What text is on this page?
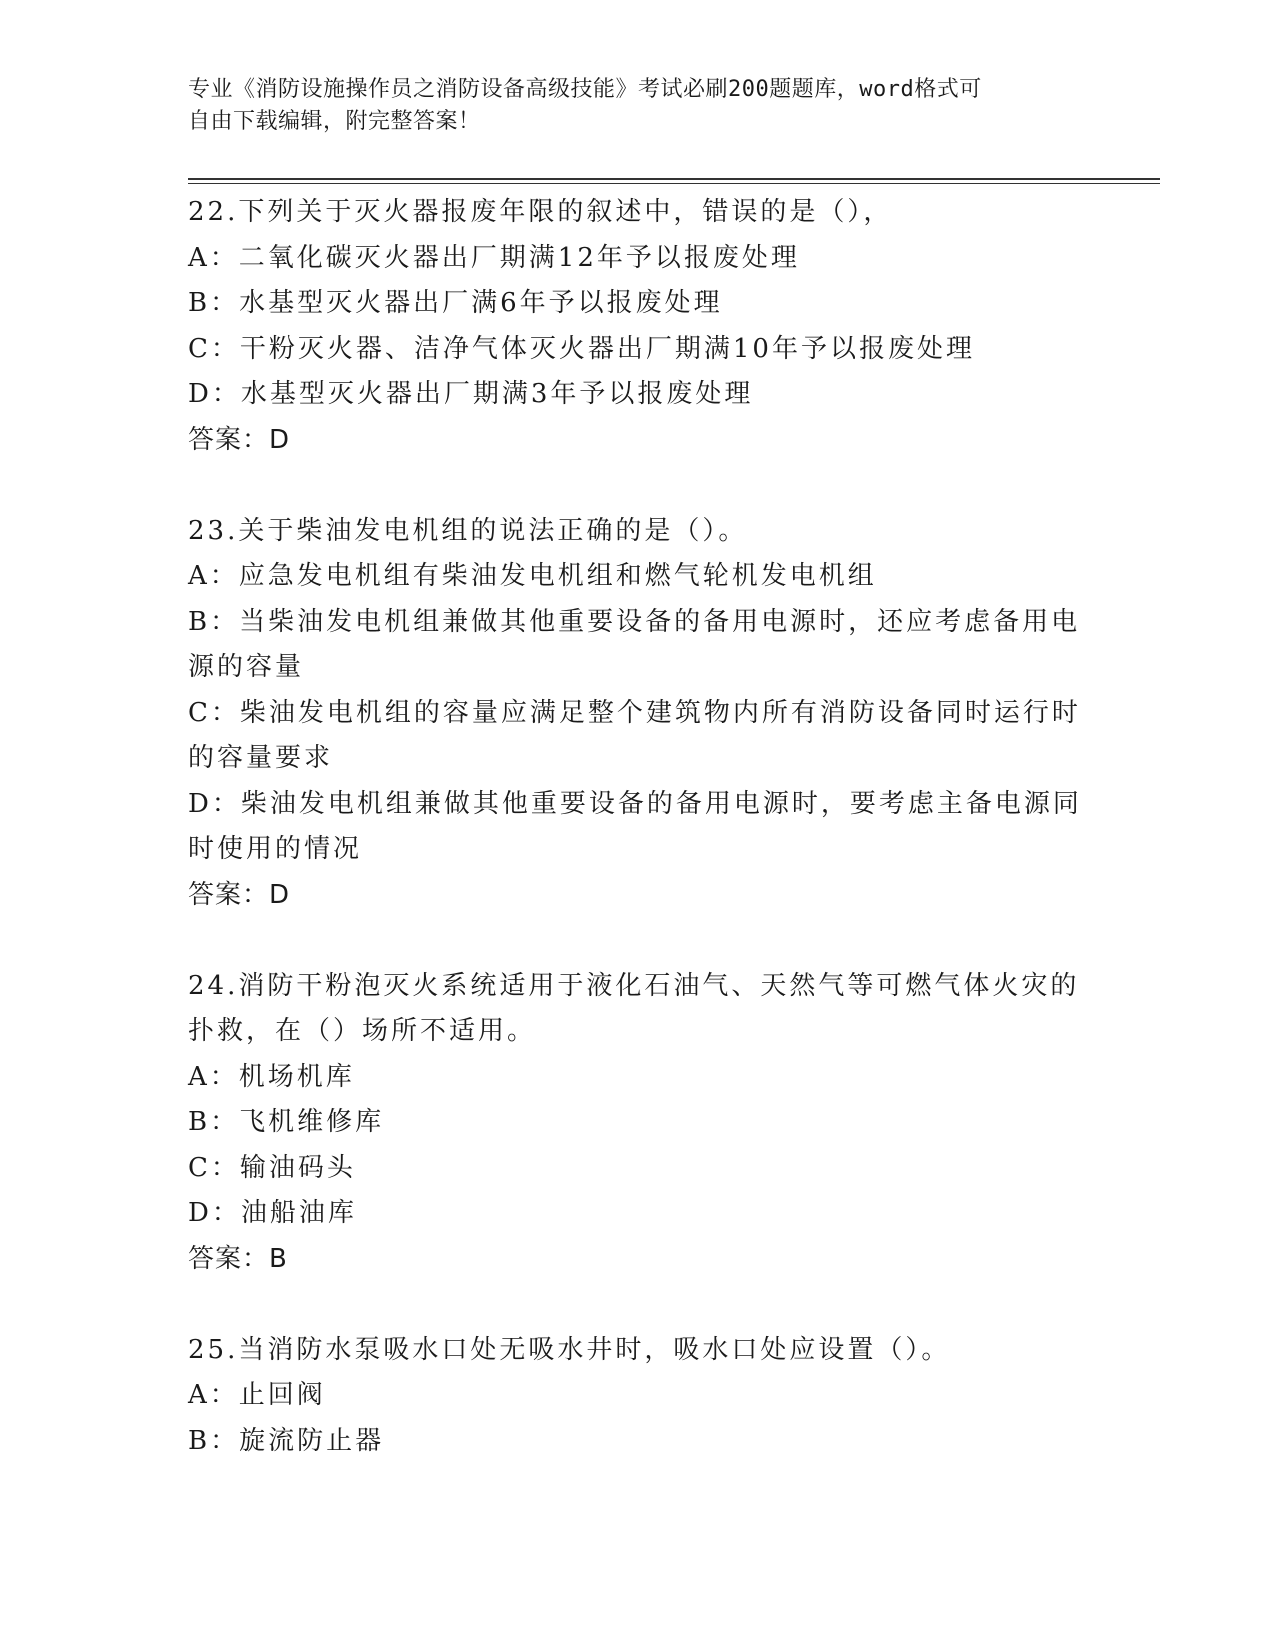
专业《消防设施操作员之消防设备高级技能》考试必刷200题题库，word格式可
自由下载编辑，附完整答案！
22.下列关于灭火器报废年限的叙述中，错误的是（），
A：二氧化碳灭火器出厂期满12年予以报废处理
B：水基型灭火器出厂满6年予以报废处理
C：干粉灭火器、洁净气体灭火器出厂期满10年予以报废处理
D：水基型灭火器出厂期满3年予以报废处理
答案：D
23.关于柴油发电机组的说法正确的是（）。
A：应急发电机组有柴油发电机组和燃气轮机发电机组
B：当柴油发电机组兼做其他重要设备的备用电源时，还应考虑备用电源的容量
C：柴油发电机组的容量应满足整个建筑物内所有消防设备同时运行时的容量要求
D：柴油发电机组兼做其他重要设备的备用电源时，要考虑主备电源同时使用的情况
答案：D
24.消防干粉泡灭火系统适用于液化石油气、天然气等可燃气体火灾的扑救，在（）场所不适用。
A：机场机库
B：飞机维修库
C：输油码头
D：油船油库
答案：B
25.当消防水泵吸水口处无吸水井时，吸水口处应设置（）。
A：止回阀
B：旋流防止器
